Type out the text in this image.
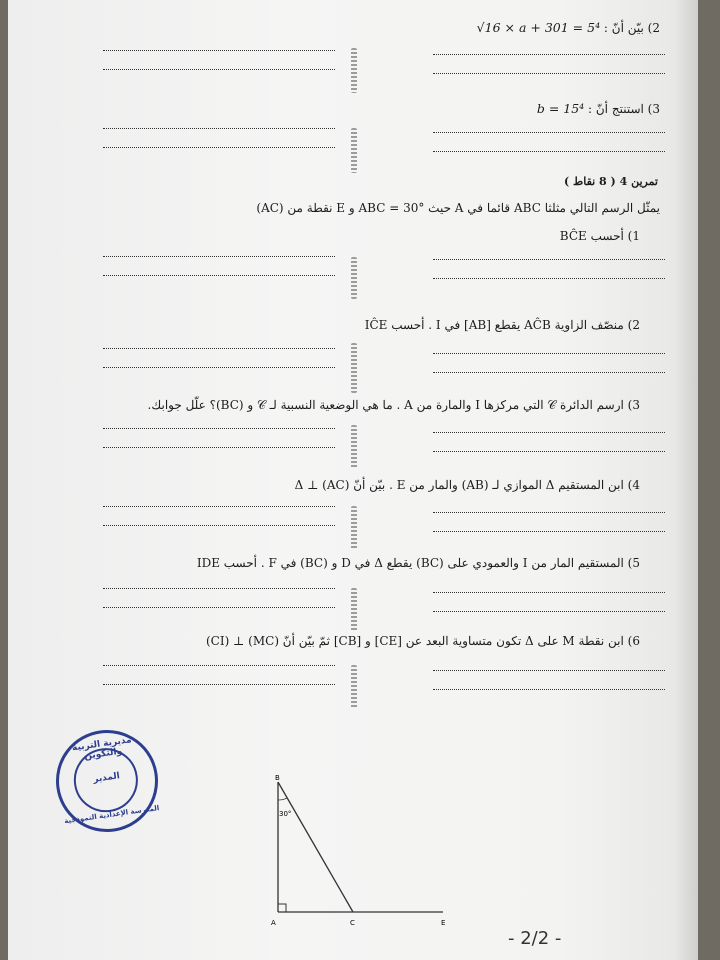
2) بيّن أنّ : √16 × a + 301 = 5⁴
3) استنتج أنّ : b = 15⁴
تمرين 4 ( 8 نقاط )
يمثّل الرسم التالي مثلثا ABC قائما في A حيث ABC = 30° و E نقطة من (AC)
1) أحسب BĈE
2) منصّف الزاوية AĈB يقطع [AB] في I . أحسب IĈE
3) ارسم الدائرة 𝒞 التي مركزها I والمارة من A . ما هي الوضعية النسبية لـ 𝒞 و (BC)؟ علّل جوابك.
4) ابن المستقيم Δ الموازي لـ (AB) والمار من E . بيّن أنّ (AC) ⊥ Δ
5) المستقيم المار من I والعمودي على (BC) يقطع Δ في D و (BC) في F . أحسب IDE
6) ابن نقطة M على Δ تكون متساوية البعد عن [CE] و [CB] ثمّ بيّن أنّ (MC) ⊥ (CI)
مديرية التربية والتكوين
المدير
المدرسة الإعدادية النموذجية
B
A	C	E
30°
- 2/2 -
